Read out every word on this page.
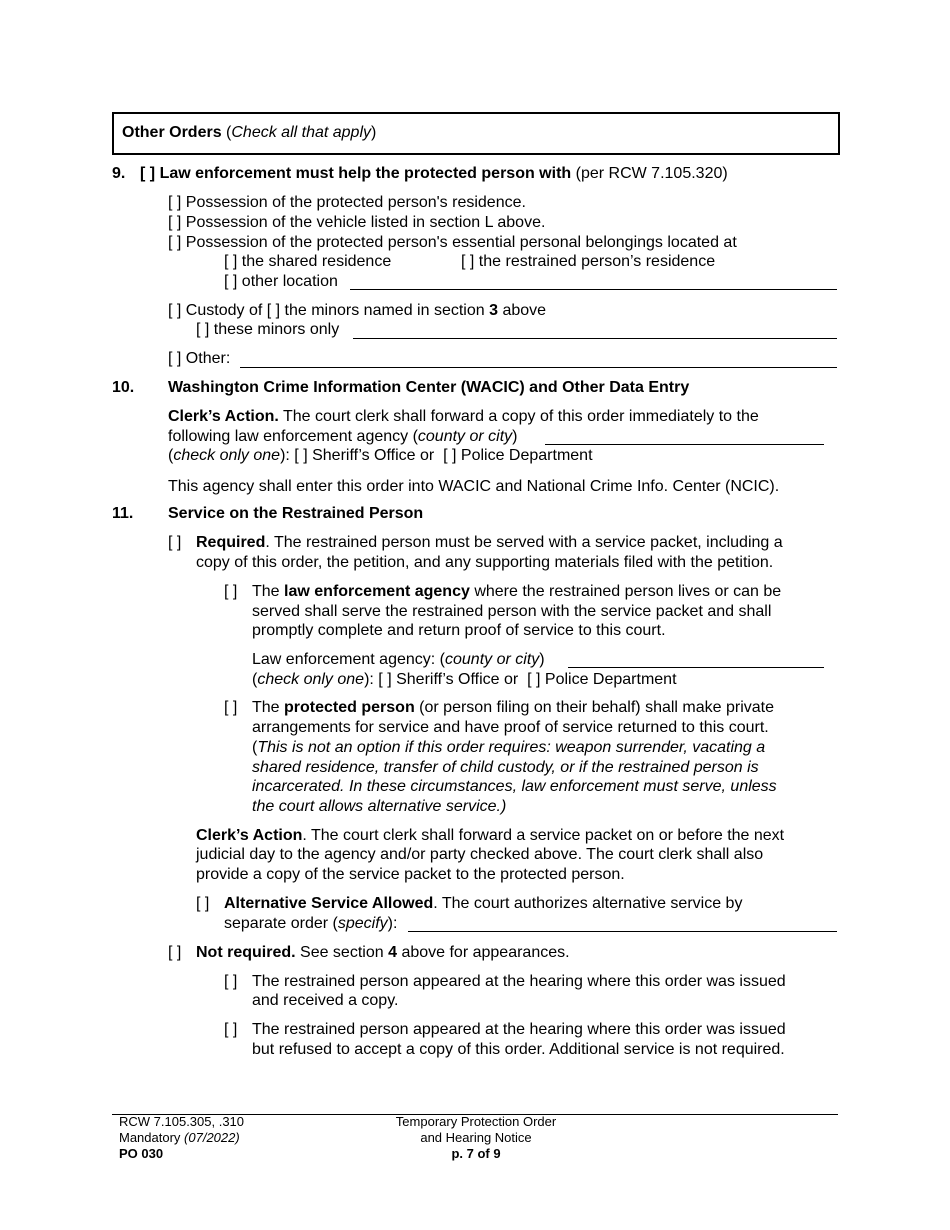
Other Orders (Check all that apply)
9. [ ] Law enforcement must help the protected person with (per RCW 7.105.320)
[ ] Possession of the protected person's residence.
[ ] Possession of the vehicle listed in section L above.
[ ] Possession of the protected person's essential personal belongings located at
[ ] the shared residence	[ ] the restrained person’s residence
[ ] other location
[ ] Custody of [ ] the minors named in section 3 above
[ ] these minors only
[ ] Other:
10. Washington Crime Information Center (WACIC) and Other Data Entry
Clerk’s Action. The court clerk shall forward a copy of this order immediately to the
following law enforcement agency (county or city)
(check only one): [ ] Sheriff’s Office or [ ] Police Department
This agency shall enter this order into WACIC and National Crime Info. Center (NCIC).
11. Service on the Restrained Person
[ ] Required. The restrained person must be served with a service packet, including a
copy of this order, the petition, and any supporting materials filed with the petition.
[ ] The law enforcement agency where the restrained person lives or can be
served shall serve the restrained person with the service packet and shall
promptly complete and return proof of service to this court.
Law enforcement agency: (county or city)
(check only one): [ ] Sheriff’s Office or [ ] Police Department
[ ] The protected person (or person filing on their behalf) shall make private
arrangements for service and have proof of service returned to this court.
(This is not an option if this order requires: weapon surrender, vacating a
shared residence, transfer of child custody, or if the restrained person is
incarcerated. In these circumstances, law enforcement must serve, unless
the court allows alternative service.)
Clerk’s Action. The court clerk shall forward a service packet on or before the next
judicial day to the agency and/or party checked above. The court clerk shall also
provide a copy of the service packet to the protected person.
[ ] Alternative Service Allowed. The court authorizes alternative service by
separate order (specify):
[ ] Not required. See section 4 above for appearances.
[ ] The restrained person appeared at the hearing where this order was issued
and received a copy.
[ ] The restrained person appeared at the hearing where this order was issued
but refused to accept a copy of this order. Additional service is not required.
RCW 7.105.305, .310
Mandatory (07/2022)
PO 030
Temporary Protection Order
and Hearing Notice
p. 7 of 9
